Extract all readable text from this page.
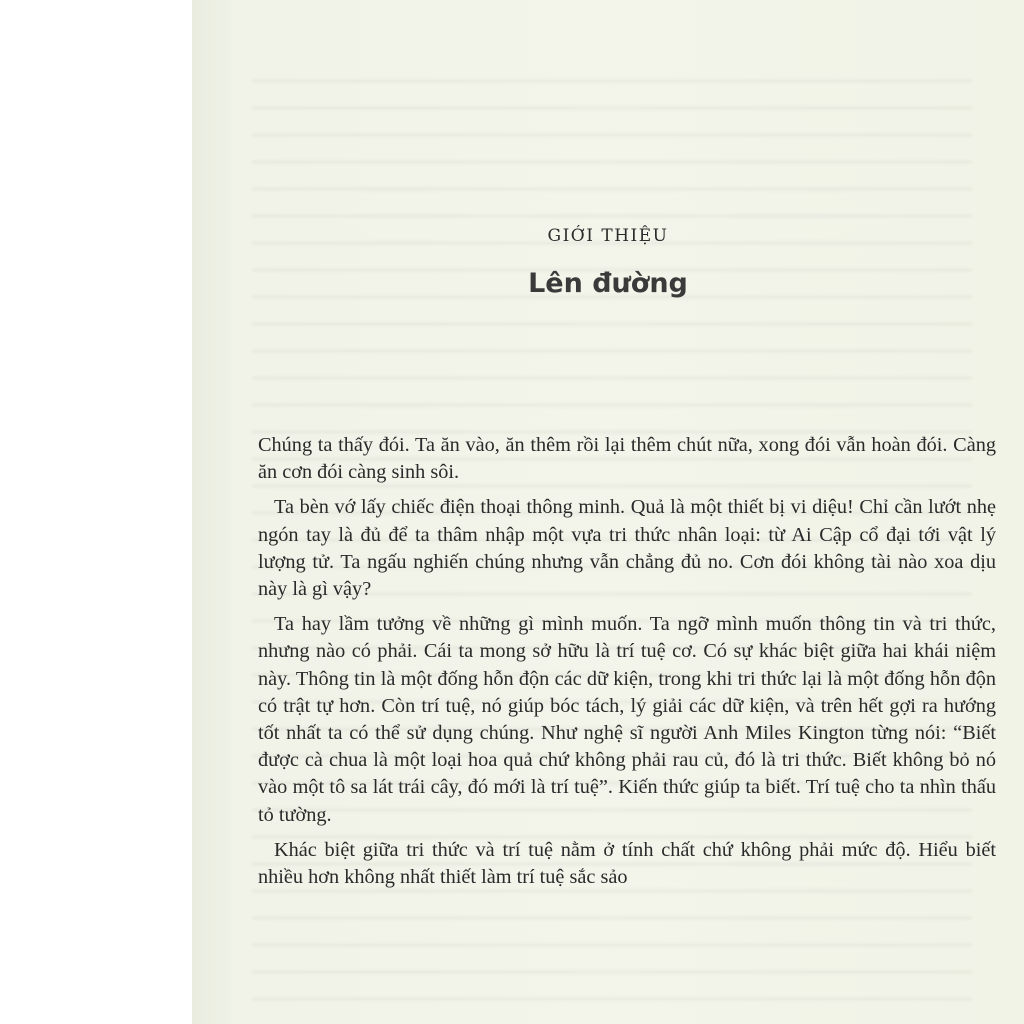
GIỚI THIỆU
Lên đường

Chúng ta thấy đói. Ta ăn vào, ăn thêm rồi lại thêm chút nữa, xong đói vẫn hoàn đói. Càng ăn cơn đói càng sinh sôi.

Ta bèn vớ lấy chiếc điện thoại thông minh. Quả là một thiết bị vi diệu! Chỉ cần lướt nhẹ ngón tay là đủ để ta thâm nhập một vựa tri thức nhân loại: từ Ai Cập cổ đại tới vật lý lượng tử. Ta ngấu nghiến chúng nhưng vẫn chẳng đủ no. Cơn đói không tài nào xoa dịu này là gì vậy?

Ta hay lầm tưởng về những gì mình muốn. Ta ngỡ mình muốn thông tin và tri thức, nhưng nào có phải. Cái ta mong sở hữu là trí tuệ cơ. Có sự khác biệt giữa hai khái niệm này. Thông tin là một đống hỗn độn các dữ kiện, trong khi tri thức lại là một đống hỗn độn có trật tự hơn. Còn trí tuệ, nó giúp bóc tách, lý giải các dữ kiện, và trên hết gợi ra hướng tốt nhất ta có thể sử dụng chúng. Như nghệ sĩ người Anh Miles Kington từng nói: “Biết được cà chua là một loại hoa quả chứ không phải rau củ, đó là tri thức. Biết không bỏ nó vào một tô sa lát trái cây, đó mới là trí tuệ”. Kiến thức giúp ta biết. Trí tuệ cho ta nhìn thấu tỏ tường.

Khác biệt giữa tri thức và trí tuệ nằm ở tính chất chứ không phải mức độ. Hiểu biết nhiều hơn không nhất thiết làm trí tuệ sắc sảo
